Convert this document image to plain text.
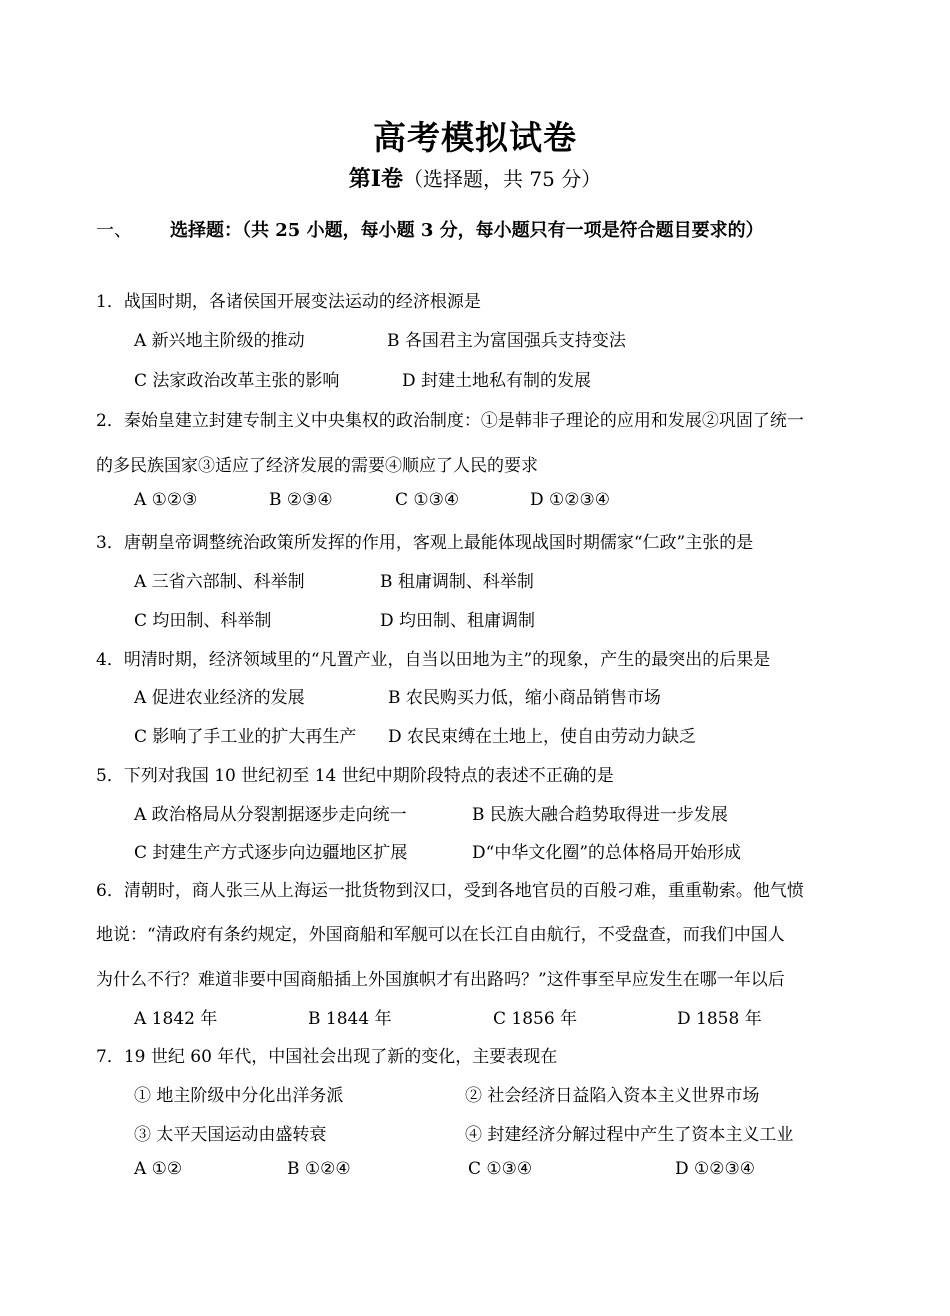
高考模拟试卷
第Ⅰ卷（选择题，共 75 分）
一、 选择题：（共 25 小题，每小题 3 分，每小题只有一项是符合题目要求的）
1．战国时期，各诸侯国开展变法运动的经济根源是
A 新兴地主阶级的推动	B 各国君主为富国强兵支持变法
C 法家政治改革主张的影响	D 封建土地私有制的发展
2．秦始皇建立封建专制主义中央集权的政治制度：①是韩非子理论的应用和发展②巩固了统一
的多民族国家③适应了经济发展的需要④顺应了人民的要求
A ①②③	B ②③④	C ①③④	D ①②③④
3．唐朝皇帝调整统治政策所发挥的作用，客观上最能体现战国时期儒家“仁政”主张的是
A 三省六部制、科举制	B 租庸调制、科举制
C 均田制、科举制	D 均田制、租庸调制
4．明清时期，经济领域里的“凡置产业，自当以田地为主”的现象，产生的最突出的后果是
A 促进农业经济的发展	B 农民购买力低，缩小商品销售市场
C 影响了手工业的扩大再生产 D 农民束缚在土地上，使自由劳动力缺乏
5．下列对我国 10 世纪初至 14 世纪中期阶段特点的表述不正确的是
A 政治格局从分裂割据逐步走向统一	B 民族大融合趋势取得进一步发展
C 封建生产方式逐步向边疆地区扩展	D“中华文化圈”的总体格局开始形成
6．清朝时，商人张三从上海运一批货物到汉口，受到各地官员的百般刁难，重重勒索。他气愤
地说：“清政府有条约规定，外国商船和军舰可以在长江自由航行，不受盘查，而我们中国人
为什么不行？难道非要中国商船插上外国旗帜才有出路吗？”这件事至早应发生在哪一年以后
A 1842 年	B 1844 年	C 1856 年	D 1858 年
7．19 世纪 60 年代，中国社会出现了新的变化，主要表现在
① 地主阶级中分化出洋务派	② 社会经济日益陷入资本主义世界市场
③ 太平天国运动由盛转衰	④ 封建经济分解过程中产生了资本主义工业
A ①②	B ①②④	C ①③④	D ①②③④
